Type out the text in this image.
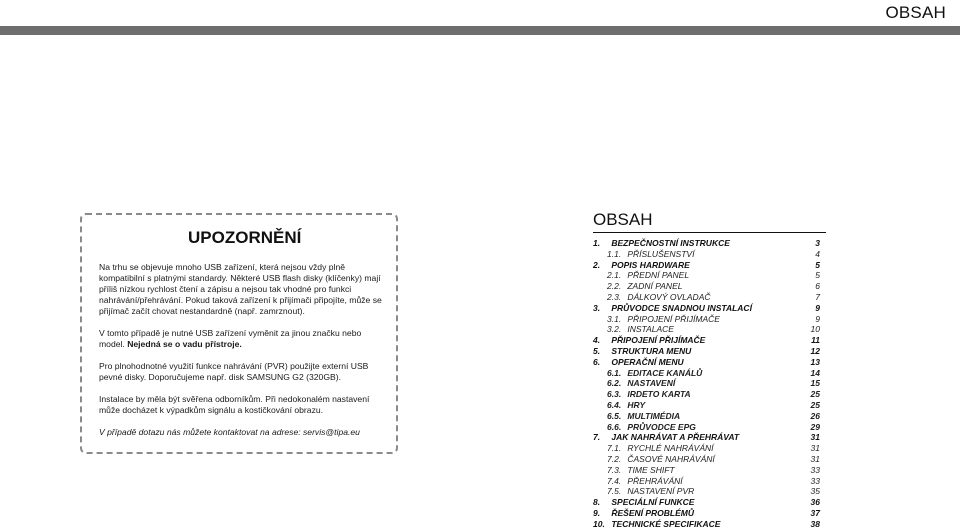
OBSAH
UPOZORNĚNÍ

Na trhu se objevuje mnoho USB zařízení, která nejsou vždy plně kompatibilní s platnými standardy. Některé USB flash disky (klíčenky) mají příliš nízkou rychlost čtení a zápisu a nejsou tak vhodné pro funkci nahrávání/přehrávání. Pokud taková zařízení k přijímači připojíte, může se přijímač začít chovat nestandardně (např. zamrznout).

V tomto případě je nutné USB zařízení vyměnit za jinou značku nebo model. Nejedná se o vadu přístroje.

Pro plnohodnotné využití funkce nahrávání (PVR) použijte externí USB pevné disky. Doporučujeme např. disk SAMSUNG G2 (320GB).

Instalace by měla být svěřena odborníkům. Při nedokonalém nastavení může docházet k výpadkům signálu a kostičkování obrazu.

V případě dotazu nás můžete kontaktovat na adrese: servis@tipa.eu

OBSAH
1. BEZPEČNOSTNÍ INSTRUKCE	3
1.1. PŘÍSLUŠENSTVÍ	4
2. POPIS HARDWARE	5
2.1. PŘEDNÍ PANEL	5
2.2. ZADNÍ PANEL	6
2.3. DÁLKOVÝ OVLADAČ	7
3. PRŮVODCE SNADNOU INSTALACÍ	9
3.1. PŘIPOJENÍ PŘIJÍMAČE	9
3.2. INSTALACE	10
4. PŘIPOJENÍ PŘIJÍMAČE	11
5. STRUKTURA MENU	12
6. OPERAČNÍ MENU	13
6.1. EDITACE KANÁLŮ	14
6.2. NASTAVENÍ	15
6.3. IRDETO KARTA	25
6.4. HRY	25
6.5. MULTIMÉDIA	26
6.6. PRŮVODCE EPG	29
7. JAK NAHRÁVAT A PŘEHRÁVAT	31
7.1. RYCHLÉ NAHRÁVÁNÍ	31
7.2. ČASOVÉ NAHRÁVÁNÍ	31
7.3. TIME SHIFT	33
7.4. PŘEHRÁVÁNÍ	33
7.5. NASTAVENÍ PVR	35
8. SPECIÁLNÍ FUNKCE	36
9. ŘEŠENÍ PROBLÉMŮ	37
10. TECHNICKÉ SPECIFIKACE	38
